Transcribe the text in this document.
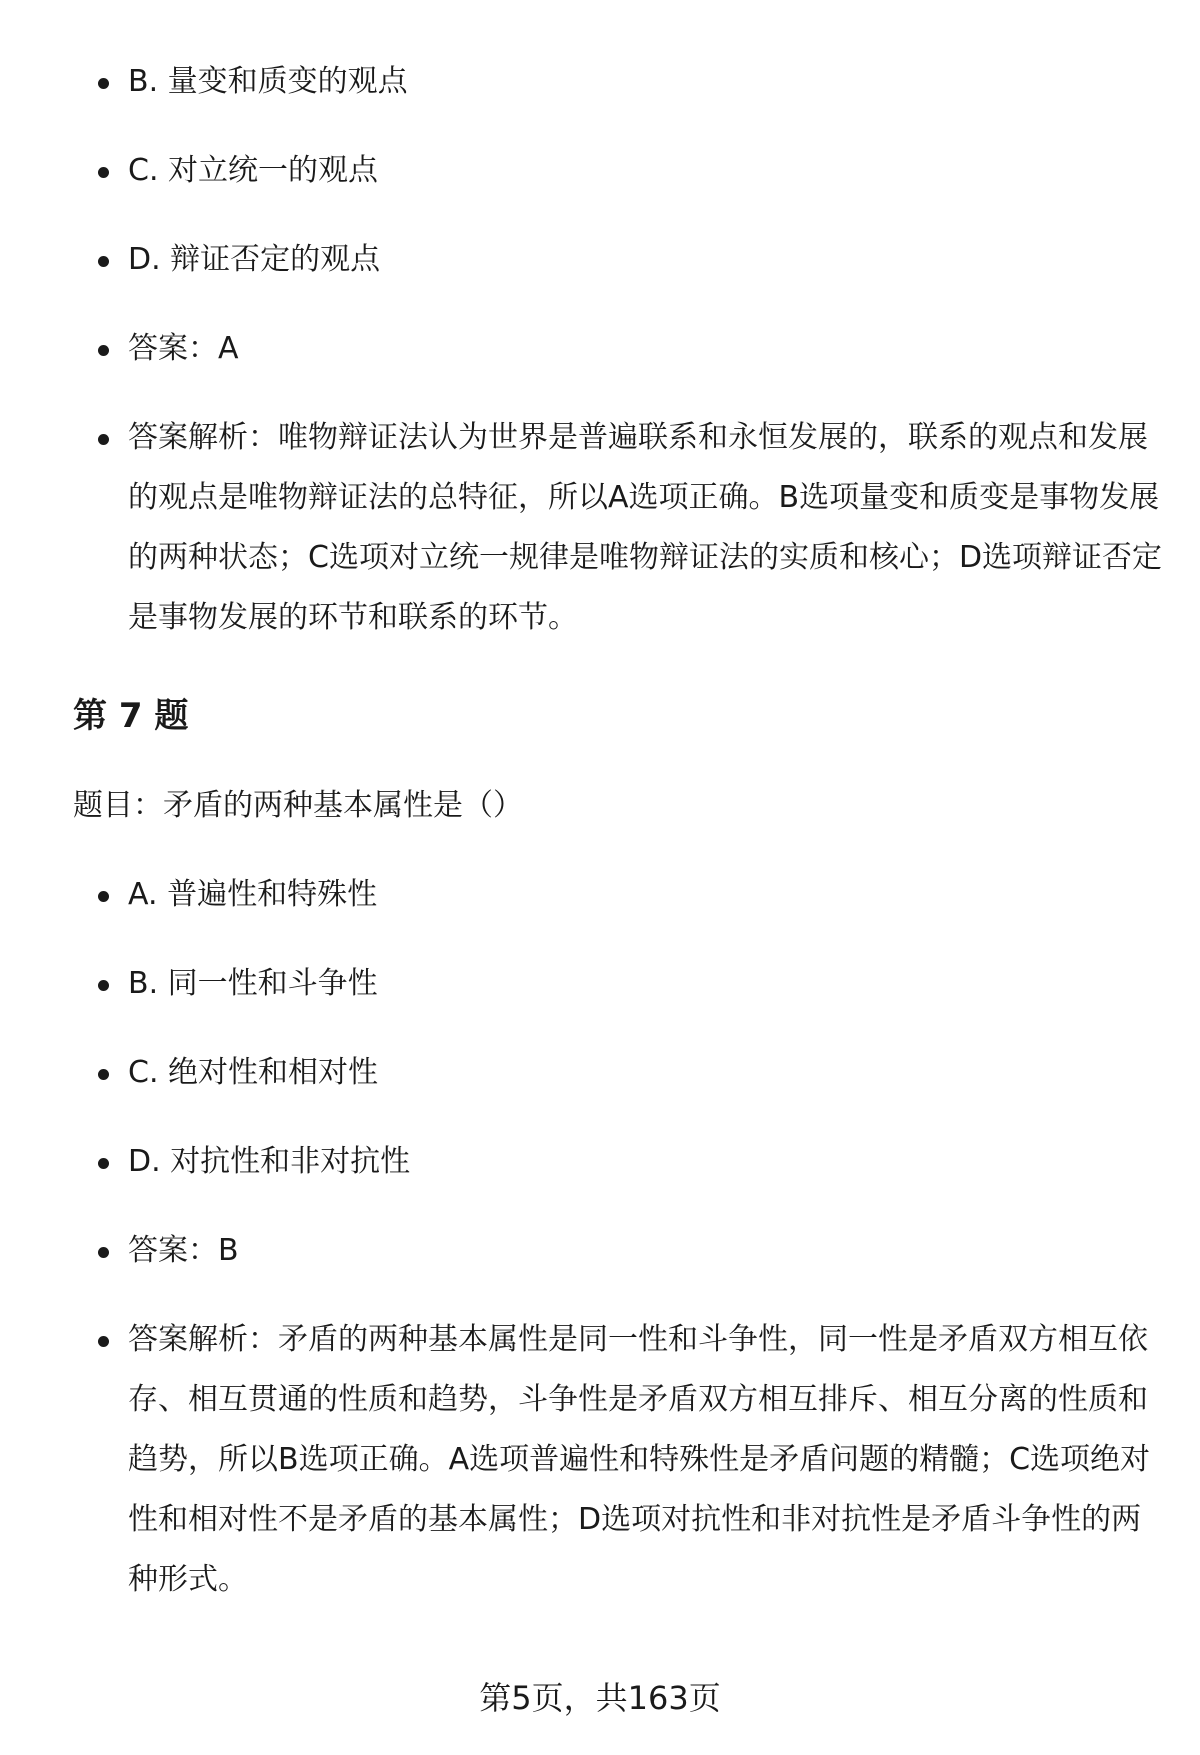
B. 量变和质变的观点
C. 对立统一的观点
D. 辩证否定的观点
答案：A
答案解析：唯物辩证法认为世界是普遍联系和永恒发展的，联系的观点和发展的观点是唯物辩证法的总特征，所以A选项正确。B选项量变和质变是事物发展的两种状态；C选项对立统一规律是唯物辩证法的实质和核心；D选项辩证否定是事物发展的环节和联系的环节。
第 7 题

题目：矛盾的两种基本属性是（）

A. 普遍性和特殊性
B. 同一性和斗争性
C. 绝对性和相对性
D. 对抗性和非对抗性
答案：B
答案解析：矛盾的两种基本属性是同一性和斗争性，同一性是矛盾双方相互依存、相互贯通的性质和趋势，斗争性是矛盾双方相互排斥、相互分离的性质和趋势，所以B选项正确。A选项普遍性和特殊性是矛盾问题的精髓；C选项绝对性和相对性不是矛盾的基本属性；D选项对抗性和非对抗性是矛盾斗争性的两种形式。
第5页，共163页
